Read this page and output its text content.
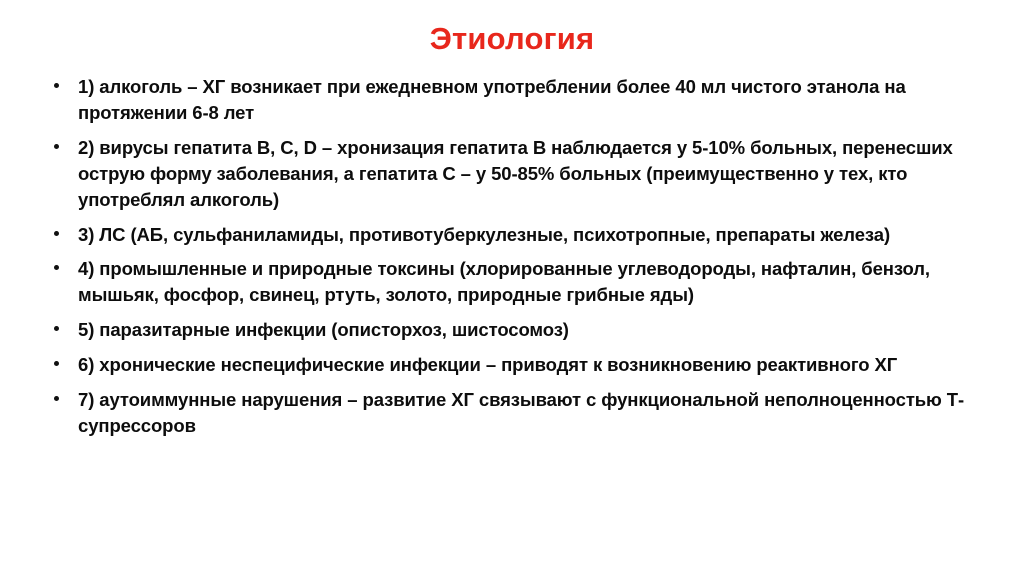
Этиология
1) алкоголь – ХГ возникает при ежедневном употреблении более 40 мл чистого этанола на протяжении 6-8 лет
2) вирусы гепатита B, C, D – хронизация гепатита B наблюдается у 5-10% больных, перенесших острую форму заболевания, а гепатита C – у 50-85% больных (преимущественно у тех, кто употреблял алкоголь)
3) ЛС (АБ, сульфаниламиды, противотуберкулезные, психотропные, препараты железа)
4) промышленные и природные токсины (хлорированные углеводороды, нафталин, бензол, мышьяк, фосфор, свинец, ртуть, золото, природные грибные яды)
5) паразитарные инфекции (описторхоз, шистосомоз)
6) хронические неспецифические инфекции – приводят к возникновению реактивного ХГ
7) аутоиммунные нарушения – развитие ХГ связывают с функциональной неполноценностью Т-супрессоров
